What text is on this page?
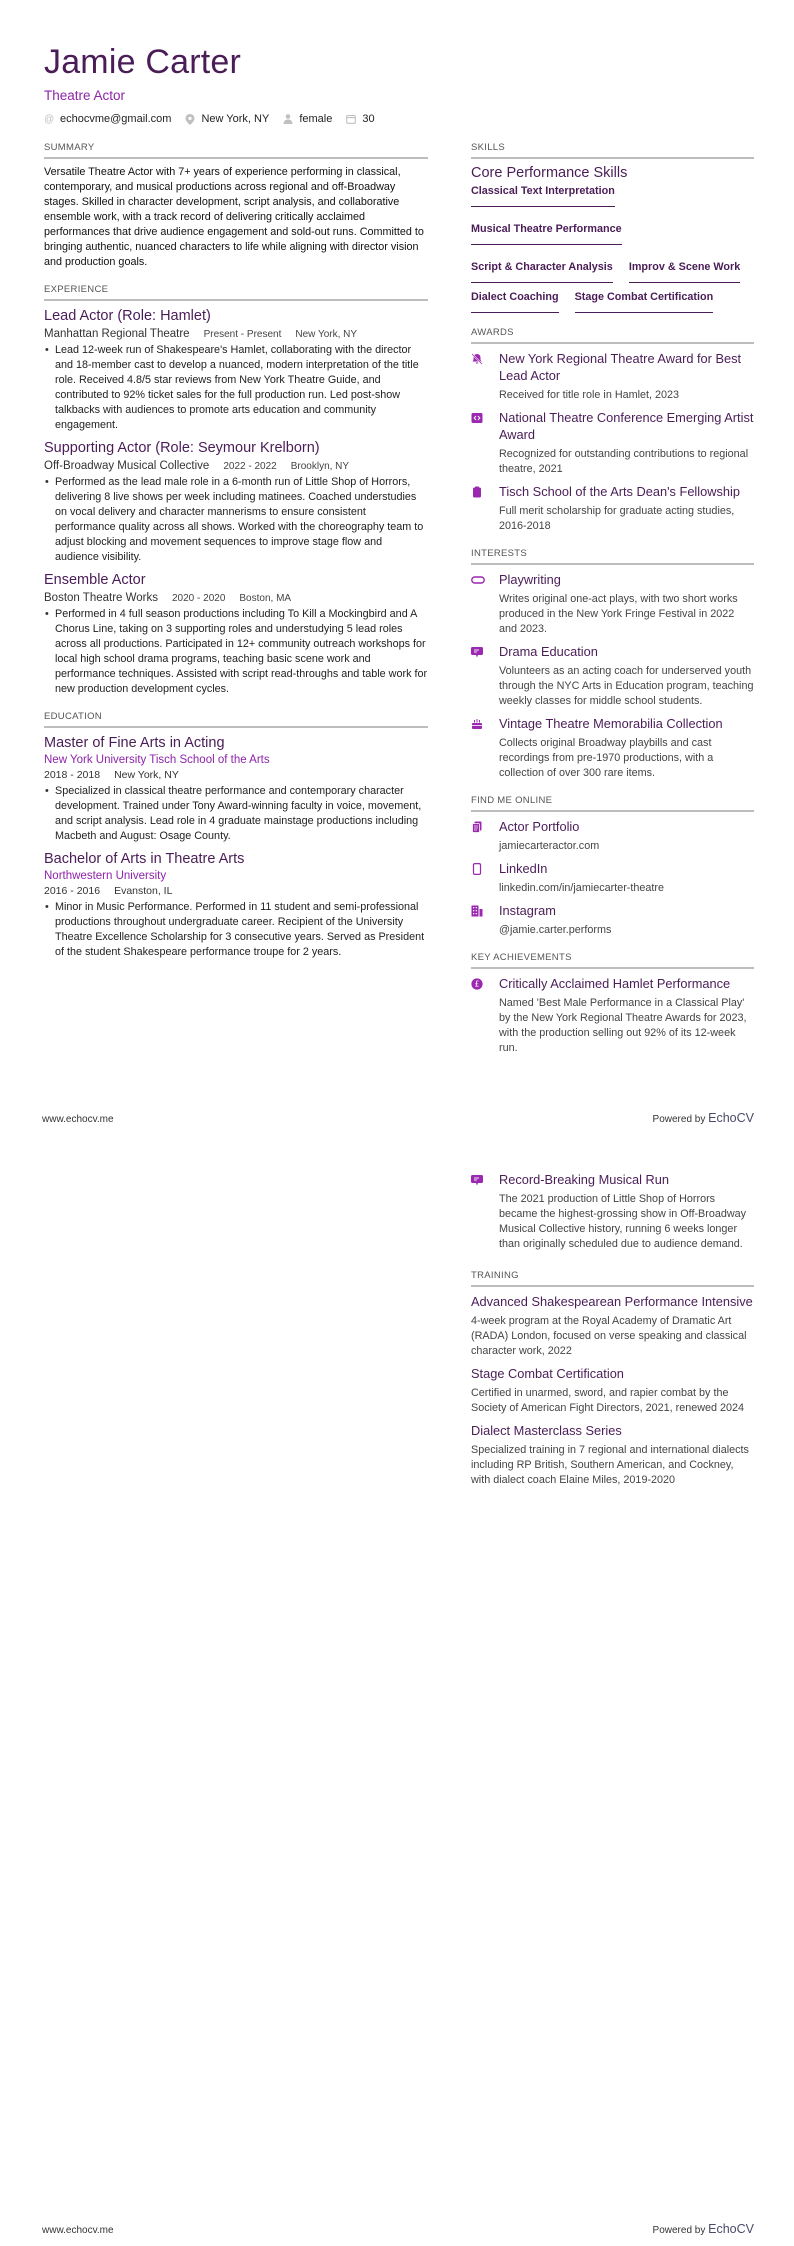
Jamie Carter
Theatre Actor
@ echocvme@gmail.com	New York, NY	female	30
SUMMARY

Versatile Theatre Actor with 7+ years of experience performing in classical, contemporary, and musical productions across regional and off-Broadway stages. Skilled in character development, script analysis, and collaborative ensemble work, with a track record of delivering critically acclaimed performances that drive audience engagement and sold-out runs. Committed to bringing authentic, nuanced characters to life while aligning with director vision and production goals.

EXPERIENCE
Lead Actor (Role: Hamlet)
Manhattan Regional Theatre Present - Present New York, NY
• Lead 12-week run of Shakespeare's Hamlet, collaborating with the director and 18-member cast to develop a nuanced, modern interpretation of the title role. Received 4.8/5 star reviews from New York Theatre Guide, and contributed to 92% ticket sales for the full production run. Led post-show talkbacks with audiences to promote arts education and community engagement.
Supporting Actor (Role: Seymour Krelborn)
Off-Broadway Musical Collective 2022 - 2022 Brooklyn, NY
• Performed as the lead male role in a 6-month run of Little Shop of Horrors, delivering 8 live shows per week including matinees. Coached understudies on vocal delivery and character mannerisms to ensure consistent performance quality across all shows. Worked with the choreography team to adjust blocking and movement sequences to improve stage flow and audience visibility.
Ensemble Actor
Boston Theatre Works 2020 - 2020 Boston, MA
• Performed in 4 full season productions including To Kill a Mockingbird and A Chorus Line, taking on 3 supporting roles and understudying 5 lead roles across all productions. Participated in 12+ community outreach workshops for local high school drama programs, teaching basic scene work and performance techniques. Assisted with script read-throughs and table work for new production development cycles.
EDUCATION
Master of Fine Arts in Acting
New York University Tisch School of the Arts
2018 - 2018 New York, NY
• Specialized in classical theatre performance and contemporary character development. Trained under Tony Award-winning faculty in voice, movement, and script analysis. Lead role in 4 graduate mainstage productions including Macbeth and August: Osage County.
Bachelor of Arts in Theatre Arts
Northwestern University
2016 - 2016 Evanston, IL
• Minor in Music Performance. Performed in 11 student and semi-professional productions throughout undergraduate career. Recipient of the University Theatre Excellence Scholarship for 3 consecutive years. Served as President of the student Shakespeare performance troupe for 2 years.
SKILLS
Core Performance Skills
Classical Text Interpretation
Musical Theatre Performance
Script & Character Analysis Improv & Scene Work
Dialect Coaching Stage Combat Certification
AWARDS
New York Regional Theatre Award for Best Lead Actor
Received for title role in Hamlet, 2023
National Theatre Conference Emerging Artist Award
Recognized for outstanding contributions to regional theatre, 2021
Tisch School of the Arts Dean's Fellowship
Full merit scholarship for graduate acting studies, 2016-2018
INTERESTS
Playwriting
Writes original one-act plays, with two short works produced in the New York Fringe Festival in 2022 and 2023.
Drama Education
Volunteers as an acting coach for underserved youth through the NYC Arts in Education program, teaching weekly classes for middle school students.
Vintage Theatre Memorabilia Collection
Collects original Broadway playbills and cast recordings from pre-1970 productions, with a collection of over 300 rare items.
FIND ME ONLINE
Actor Portfolio
jamiecarteractor.com
LinkedIn
linkedin.com/in/jamiecarter-theatre
Instagram
@jamie.carter.performs
KEY ACHIEVEMENTS
£ Critically Acclaimed Hamlet Performance
Named 'Best Male Performance in a Classical Play' by the New York Regional Theatre Awards for 2023, with the production selling out 92% of its 12-week run.
www.echocv.me	Powered by EchoCV
Record-Breaking Musical Run
The 2021 production of Little Shop of Horrors became the highest-grossing show in Off-Broadway Musical Collective history, running 6 weeks longer than originally scheduled due to audience demand.
TRAINING
Advanced Shakespearean Performance Intensive
4-week program at the Royal Academy of Dramatic Art (RADA) London, focused on verse speaking and classical character work, 2022
Stage Combat Certification
Certified in unarmed, sword, and rapier combat by the Society of American Fight Directors, 2021, renewed 2024
Dialect Masterclass Series
Specialized training in 7 regional and international dialects including RP British, Southern American, and Cockney, with dialect coach Elaine Miles, 2019-2020
www.echocv.me	Powered by EchoCV
